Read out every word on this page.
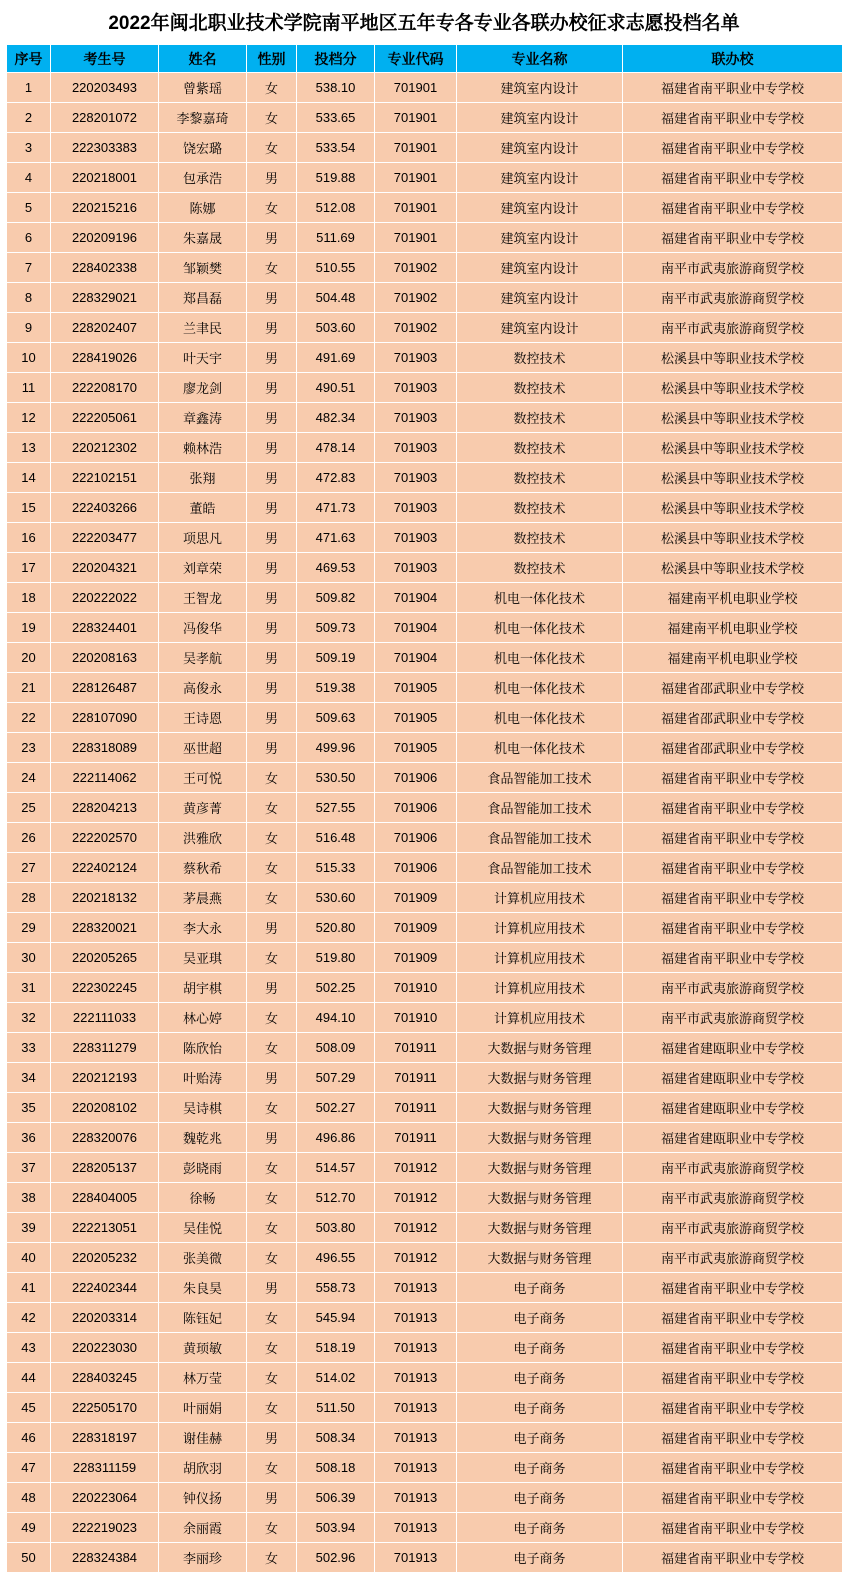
2022年闽北职业技术学院南平地区五年专各专业各联办校征求志愿投档名单
序号	考生号	姓名	性别	投档分	专业代码	专业名称	联办校
1	220203493	曾紫瑶	女	538.10	701901	建筑室内设计	福建省南平职业中专学校
2	228201072	李黎嘉琦	女	533.65	701901	建筑室内设计	福建省南平职业中专学校
3	222303383	饶宏璐	女	533.54	701901	建筑室内设计	福建省南平职业中专学校
4	220218001	包承浩	男	519.88	701901	建筑室内设计	福建省南平职业中专学校
5	220215216	陈娜	女	512.08	701901	建筑室内设计	福建省南平职业中专学校
6	220209196	朱嘉晟	男	511.69	701901	建筑室内设计	福建省南平职业中专学校
7	228402338	邹颖樊	女	510.55	701902	建筑室内设计	南平市武夷旅游商贸学校
8	228329021	郑昌磊	男	504.48	701902	建筑室内设计	南平市武夷旅游商贸学校
9	228202407	兰聿民	男	503.60	701902	建筑室内设计	南平市武夷旅游商贸学校
10	228419026	叶天宇	男	491.69	701903	数控技术	松溪县中等职业技术学校
11	222208170	廖龙剑	男	490.51	701903	数控技术	松溪县中等职业技术学校
12	222205061	章鑫涛	男	482.34	701903	数控技术	松溪县中等职业技术学校
13	220212302	赖林浩	男	478.14	701903	数控技术	松溪县中等职业技术学校
14	222102151	张翔	男	472.83	701903	数控技术	松溪县中等职业技术学校
15	222403266	董皓	男	471.73	701903	数控技术	松溪县中等职业技术学校
16	222203477	项思凡	男	471.63	701903	数控技术	松溪县中等职业技术学校
17	220204321	刘章荣	男	469.53	701903	数控技术	松溪县中等职业技术学校
18	220222022	王智龙	男	509.82	701904	机电一体化技术	福建南平机电职业学校
19	228324401	冯俊华	男	509.73	701904	机电一体化技术	福建南平机电职业学校
20	220208163	吴孝航	男	509.19	701904	机电一体化技术	福建南平机电职业学校
21	228126487	高俊永	男	519.38	701905	机电一体化技术	福建省邵武职业中专学校
22	228107090	王诗恩	男	509.63	701905	机电一体化技术	福建省邵武职业中专学校
23	228318089	巫世超	男	499.96	701905	机电一体化技术	福建省邵武职业中专学校
24	222114062	王可悦	女	530.50	701906	食品智能加工技术	福建省南平职业中专学校
25	228204213	黄彦菁	女	527.55	701906	食品智能加工技术	福建省南平职业中专学校
26	222202570	洪雅欣	女	516.48	701906	食品智能加工技术	福建省南平职业中专学校
27	222402124	蔡秋希	女	515.33	701906	食品智能加工技术	福建省南平职业中专学校
28	220218132	茅晨燕	女	530.60	701909	计算机应用技术	福建省南平职业中专学校
29	228320021	李大永	男	520.80	701909	计算机应用技术	福建省南平职业中专学校
30	220205265	吴亚琪	女	519.80	701909	计算机应用技术	福建省南平职业中专学校
31	222302245	胡宇棋	男	502.25	701910	计算机应用技术	南平市武夷旅游商贸学校
32	222111033	林心婷	女	494.10	701910	计算机应用技术	南平市武夷旅游商贸学校
33	228311279	陈欣怡	女	508.09	701911	大数据与财务管理	福建省建瓯职业中专学校
34	220212193	叶贻涛	男	507.29	701911	大数据与财务管理	福建省建瓯职业中专学校
35	220208102	吴诗棋	女	502.27	701911	大数据与财务管理	福建省建瓯职业中专学校
36	228320076	魏乾兆	男	496.86	701911	大数据与财务管理	福建省建瓯职业中专学校
37	228205137	彭晓雨	女	514.57	701912	大数据与财务管理	南平市武夷旅游商贸学校
38	228404005	徐畅	女	512.70	701912	大数据与财务管理	南平市武夷旅游商贸学校
39	222213051	吴佳悦	女	503.80	701912	大数据与财务管理	南平市武夷旅游商贸学校
40	220205232	张美微	女	496.55	701912	大数据与财务管理	南平市武夷旅游商贸学校
41	222402344	朱良昊	男	558.73	701913	电子商务	福建省南平职业中专学校
42	220203314	陈钰妃	女	545.94	701913	电子商务	福建省南平职业中专学校
43	220223030	黄顼敏	女	518.19	701913	电子商务	福建省南平职业中专学校
44	228403245	林万莹	女	514.02	701913	电子商务	福建省南平职业中专学校
45	222505170	叶丽娟	女	511.50	701913	电子商务	福建省南平职业中专学校
46	228318197	谢佳赫	男	508.34	701913	电子商务	福建省南平职业中专学校
47	228311159	胡欣羽	女	508.18	701913	电子商务	福建省南平职业中专学校
48	220223064	钟仪扬	男	506.39	701913	电子商务	福建省南平职业中专学校
49	222219023	余丽霞	女	503.94	701913	电子商务	福建省南平职业中专学校
50	228324384	李丽珍	女	502.96	701913	电子商务	福建省南平职业中专学校
